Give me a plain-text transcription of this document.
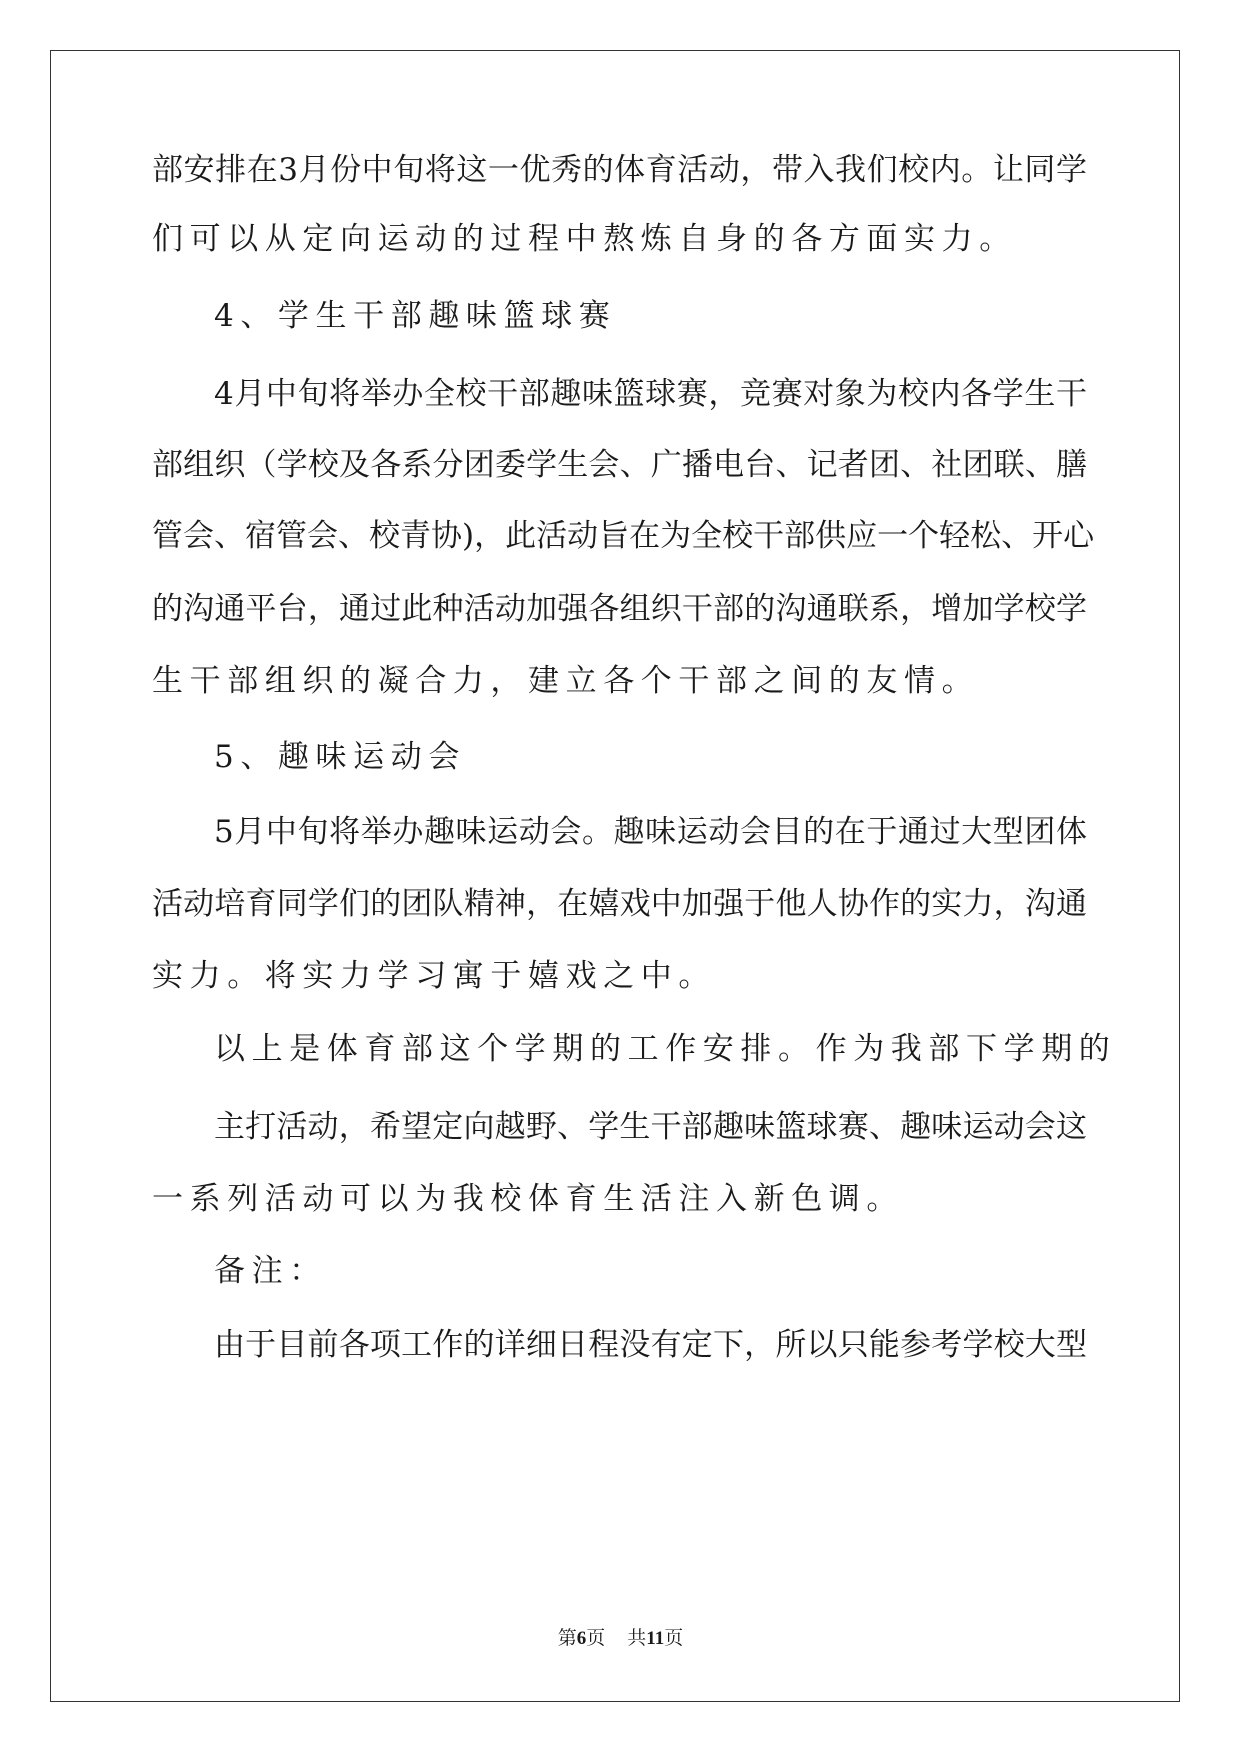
部安排在3月份中旬将这一优秀的体育活动，带入我们校内。让同学
们可以从定向运动的过程中熬炼自身的各方面实力。
4、学生干部趣味篮球赛
4月中旬将举办全校干部趣味篮球赛，竞赛对象为校内各学生干
部组织（学校及各系分团委学生会、广播电台、记者团、社团联、膳
管会、宿管会、校青协)，此活动旨在为全校干部供应一个轻松、开心
的沟通平台，通过此种活动加强各组织干部的沟通联系，增加学校学
生干部组织的凝合力，建立各个干部之间的友情。
5、趣味运动会
5月中旬将举办趣味运动会。趣味运动会目的在于通过大型团体
活动培育同学们的团队精神，在嬉戏中加强于他人协作的实力，沟通
实力。将实力学习寓于嬉戏之中。
以上是体育部这个学期的工作安排。作为我部下学期的
主打活动，希望定向越野、学生干部趣味篮球赛、趣味运动会这
一系列活动可以为我校体育生活注入新色调。
备注：
由于目前各项工作的详细日程没有定下，所以只能参考学校大型
第6页 共11页
